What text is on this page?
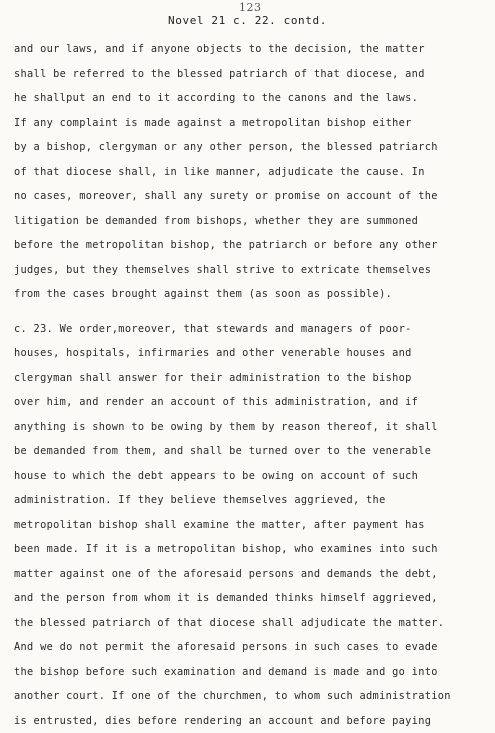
123
Novel 21 c. 22. contd.
and our laws, and if anyone objects to the decision, the matter
shall be referred to the blessed patriarch of that diocese, and
he shallput an end to it according to the canons and the laws.
If any complaint is made against a metropolitan bishop either
by a bishop, clergyman or any other person, the blessed patriarch
of that diocese shall, in like manner, adjudicate the cause. In
no cases, moreover, shall any surety or promise on account of the
litigation be demanded from bishops, whether they are summoned
before the metropolitan bishop, the patriarch or before any other
judges, but they themselves shall strive to extricate themselves
from the cases brought against them (as soon as possible).
c. 23. We order,moreover, that stewards and managers of poor-
houses, hospitals, infirmaries and other venerable houses and
clergyman shall answer for their administration to the bishop
over him, and render an account of this administration, and if
anything is shown to be owing by them by reason thereof, it shall
be demanded from them, and shall be turned over to the venerable
house to which the debt appears to be owing on account of such
administration. If they believe themselves aggrieved, the
metropolitan bishop shall examine the matter, after payment has
been made. If it is a metropolitan bishop, who examines into such
matter against one of the aforesaid persons and demands the debt,
and the person from whom it is demanded thinks himself aggrieved,
the blessed patriarch of that diocese shall adjudicate the matter.
And we do not permit the aforesaid persons in such cases to evade
the bishop before such examination and demand is made and go into
another court. If one of the churchmen, to whom such administration
is entrusted, dies before rendering an account and before paying
